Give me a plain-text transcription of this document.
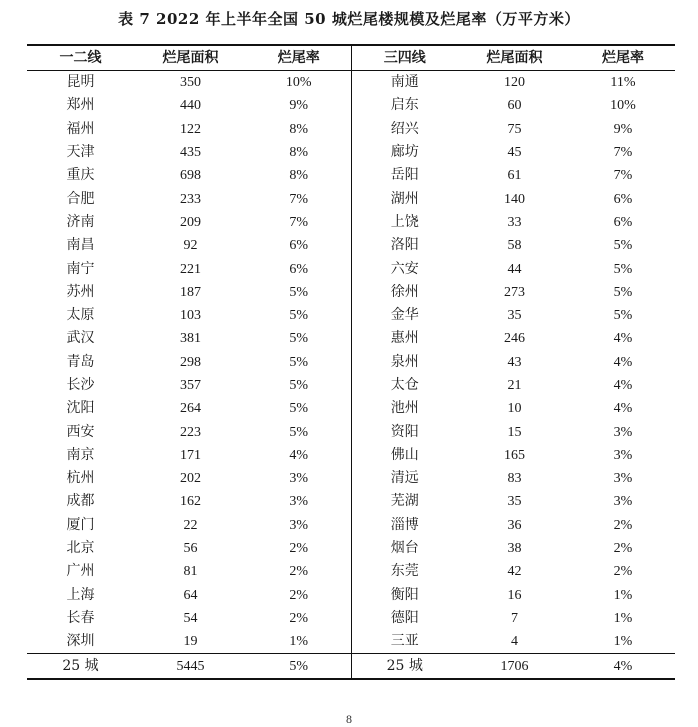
表 7 2022 年上半年全国 50 城烂尾楼规模及烂尾率（万平方米）
一二线	烂尾面积	烂尾率	三四线	烂尾面积	烂尾率
昆明	350	10%	南通	120	11%
郑州	440	9%	启东	60	10%
福州	122	8%	绍兴	75	9%
天津	435	8%	廊坊	45	7%
重庆	698	8%	岳阳	61	7%
合肥	233	7%	湖州	140	6%
济南	209	7%	上饶	33	6%
南昌	92	6%	洛阳	58	5%
南宁	221	6%	六安	44	5%
苏州	187	5%	徐州	273	5%
太原	103	5%	金华	35	5%
武汉	381	5%	惠州	246	4%
青岛	298	5%	泉州	43	4%
长沙	357	5%	太仓	21	4%
沈阳	264	5%	池州	10	4%
西安	223	5%	资阳	15	3%
南京	171	4%	佛山	165	3%
杭州	202	3%	清远	83	3%
成都	162	3%	芜湖	35	3%
厦门	22	3%	淄博	36	2%
北京	56	2%	烟台	38	2%
广州	81	2%	东莞	42	2%
上海	64	2%	衡阳	16	1%
长春	54	2%	德阳	7	1%
深圳	19	1%	三亚	4	1%
25 城	5445	5%	25 城	1706	4%
8
